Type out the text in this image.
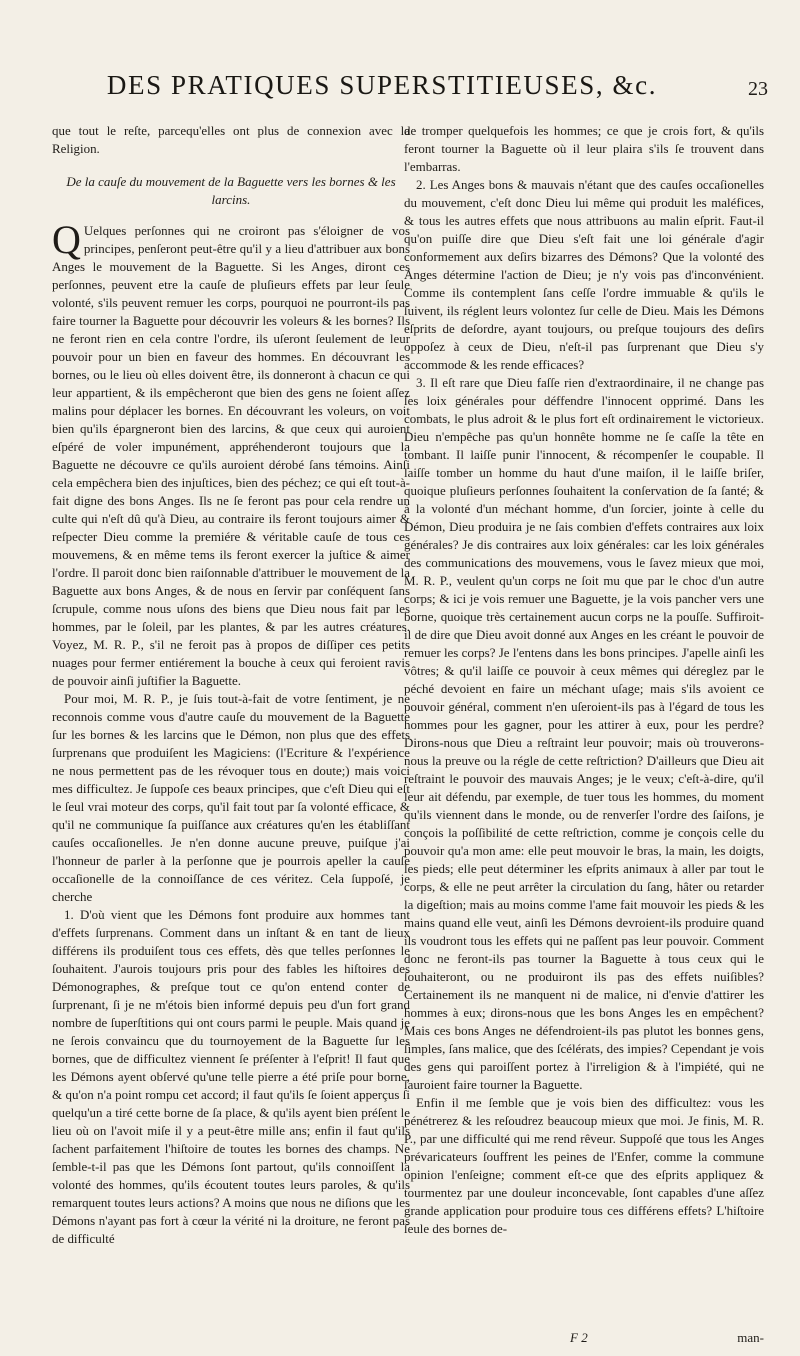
DES PRATIQUES SUPERSTITIEUSES, &c.	23

que tout le reſte, parcequ'elles ont plus de connexion avec la Religion.

De la cauſe du mouvement de la Baguette vers les bornes & les larcins.

QUelques perſonnes qui ne croiront pas s'éloigner de vos principes, penſeront peut-être qu'il y a lieu d'attribuer aux bons Anges le mouvement de la Baguette. Si les Anges, diront ces perſonnes, peuvent etre la cauſe de pluſieurs effets par leur ſeule volonté, s'ils peuvent remuer les corps, pourquoi ne pourront-ils pas faire tourner la Baguette pour découvrir les voleurs & les bornes? Ils ne feront rien en cela contre l'ordre, ils uſeront ſeulement de leur pouvoir pour un bien en faveur des hommes. En découvrant les bornes, ou le lieu où elles doivent être, ils donneront à chacun ce qui leur appartient, & ils empêcheront que bien des gens ne ſoient aſſez malins pour déplacer les bornes. En découvrant les voleurs, on voit bien qu'ils épargneront bien des larcins, & que ceux qui auroient eſpéré de voler impunément, appréhenderont toujours que la Baguette ne découvre ce qu'ils auroient dérobé ſans témoins. Ainſi cela empêchera bien des injuſtices, bien des péchez; ce qui eſt tout-à-fait digne des bons Anges. Ils ne ſe feront pas pour cela rendre un culte qui n'eſt dû qu'à Dieu, au contraire ils feront toujours aimer & reſpecter Dieu comme la premiére & véritable cauſe de tous ces mouvemens, & en même tems ils feront exercer la juſtice & aimer l'ordre. Il paroit donc bien raiſonnable d'attribuer le mouvement de la Baguette aux bons Anges, & de nous en ſervir par conſéquent ſans ſcrupule, comme nous uſons des biens que Dieu nous fait par les hommes, par le ſoleil, par les plantes, & par les autres créatures. Voyez, M. R. P., s'il ne feroit pas à propos de diſſiper ces petits nuages pour fermer entiérement la bouche à ceux qui feroient ravis de pouvoir ainſi juſtifier la Baguette.

Pour moi, M. R. P., je ſuis tout-à-fait de votre ſentiment, je ne reconnois comme vous d'autre cauſe du mouvement de la Baguette ſur les bornes & les larcins que le Démon, non plus que des effets ſurprenans que produiſent les Magiciens: (l'Ecriture & l'expérience ne nous permettent pas de les révoquer tous en doute;) mais voici mes difficultez. Je ſuppoſe ces beaux principes, que c'eſt Dieu qui eſt le ſeul vrai moteur des corps, qu'il fait tout par ſa volonté efficace, & qu'il ne communique ſa puiſſance aux créatures qu'en les établiſſant cauſes occaſionelles. Je n'en donne aucune preuve, puiſque j'ai l'honneur de parler à la perſonne que je pourrois apeller la cauſe occaſionelle de la connoiſſance de ces véritez. Cela ſuppoſé, je cherche

1. D'où vient que les Démons font produire aux hommes tant d'effets ſurprenans. Comment dans un inſtant & en tant de lieux différens ils produiſent tous ces effets, dès que telles perſonnes le ſouhaitent. J'aurois toujours pris pour des fables les hiſtoires des Démonographes, & preſque tout ce qu'on entend conter de ſurprenant, ſi je ne m'étois bien informé depuis peu d'un fort grand nombre de ſuperſtitions qui ont cours parmi le peuple. Mais quand je ne ſerois convaincu que du tournoyement de la Baguette ſur les bornes, que de difficultez viennent ſe préſenter à l'eſprit! Il faut que les Démons ayent obſervé qu'une telle pierre a été priſe pour borne, & qu'on n'a point rompu cet accord; il faut qu'ils ſe ſoient apperçus ſi quelqu'un a tiré cette borne de ſa place, & qu'ils ayent bien préſent le lieu où on l'avoit miſe il y a peut-être mille ans; enfin il faut qu'ils ſachent parfaitement l'hiſtoire de toutes les bornes des champs. Ne ſemble-t-il pas que les Démons ſont partout, qu'ils connoiſſent la volonté des hommes, qu'ils écoutent toutes leurs paroles, & qu'ils remarquent toutes leurs actions? A moins que nous ne diſions que les Démons n'ayant pas fort à cœur la vérité ni la droiture, ne feront pas de difficulté

de tromper quelquefois les hommes; ce que je crois fort, & qu'ils feront tourner la Baguette où il leur plaira s'ils ſe trouvent dans l'embarras.

2. Les Anges bons & mauvais n'étant que des cauſes occaſionelles du mouvement, c'eſt donc Dieu lui même qui produit les maléfices, & tous les autres effets que nous attribuons au malin eſprit. Faut-il qu'on puiſſe dire que Dieu s'eſt fait une loi générale d'agir conformement aux deſirs bizarres des Démons? Que la volonté des Anges détermine l'action de Dieu; je n'y vois pas d'inconvénient. Comme ils contemplent ſans ceſſe l'ordre immuable & qu'ils le ſuivent, ils réglent leurs volontez ſur celle de Dieu. Mais les Démons eſprits de deſordre, ayant toujours, ou preſque toujours des deſirs oppoſez à ceux de Dieu, n'eſt-il pas ſurprenant que Dieu s'y accommode & les rende efficaces?

3. Il eſt rare que Dieu faſſe rien d'extraordinaire, il ne change pas ſes loix générales pour déffendre l'innocent opprimé. Dans les combats, le plus adroit & le plus fort eſt ordinairement le victorieux. Dieu n'empêche pas qu'un honnête homme ne ſe caſſe la tête en tombant. Il laiſſe punir l'innocent, & récompenſer le coupable. Il laiſſe tomber un homme du haut d'une maiſon, il le laiſſe briſer, quoique pluſieurs perſonnes ſouhaitent la conſervation de ſa ſanté; & à la volonté d'un méchant homme, d'un ſorcier, jointe à celle du Démon, Dieu produira je ne ſais combien d'effets contraires aux loix générales? Je dis contraires aux loix générales: car les loix générales des communications des mouvemens, vous le ſavez mieux que moi, M. R. P., veulent qu'un corps ne ſoit mu que par le choc d'un autre corps; & ici je vois remuer une Baguette, je la vois pancher vers une borne, quoique très certainement aucun corps ne la pouſſe. Suffiroit-il de dire que Dieu avoit donné aux Anges en les créant le pouvoir de remuer les corps? Je l'entens dans les bons principes. J'apelle ainſi les vôtres; & qu'il laiſſe ce pouvoir à ceux mêmes qui déreglez par le péché devoient en faire un méchant uſage; mais s'ils avoient ce pouvoir général, comment n'en uſeroient-ils pas à l'égard de tous les hommes pour les gagner, pour les attirer à eux, pour les perdre? Dirons-nous que Dieu a reſtraint leur pouvoir; mais où trouverons-nous la preuve ou la régle de cette reſtriction? D'ailleurs que Dieu ait reſtraint le pouvoir des mauvais Anges; je le veux; c'eſt-à-dire, qu'il leur ait défendu, par exemple, de tuer tous les hommes, du moment qu'ils viennent dans le monde, ou de renverſer l'ordre des ſaiſons, je conçois la poſſibilité de cette reſtriction, comme je conçois celle du pouvoir qu'a mon ame: elle peut mouvoir le bras, la main, les doigts, les pieds; elle peut déterminer les eſprits animaux à aller par tout le corps, & elle ne peut arrêter la circulation du ſang, hâter ou retarder la digeſtion; mais au moins comme l'ame fait mouvoir les pieds & les mains quand elle veut, ainſi les Démons devroient-ils produire quand ils voudront tous les effets qui ne paſſent pas leur pouvoir. Comment donc ne feront-ils pas tourner la Baguette à tous ceux qui le ſouhaiteront, ou ne produiront ils pas des effets nuiſibles? Certainement ils ne manquent ni de malice, ni d'envie d'attirer les hommes à eux; dirons-nous que les bons Anges les en empêchent? Mais ces bons Anges ne défendroient-ils pas plutot les bonnes gens, ſimples, ſans malice, que des ſcélérats, des impies? Cependant je vois des gens qui paroiſſent portez à l'irreligion & à l'impiété, qui ne ſauroient faire tourner la Baguette.

Enfin il me ſemble que je vois bien des difficultez: vous les pénétrerez & les reſoudrez beaucoup mieux que moi. Je finis, M. R. P., par une difficulté qui me rend rêveur. Suppoſé que tous les Anges prévaricateurs ſouffrent les peines de l'Enfer, comme la commune opinion l'enſeigne; comment eſt-ce que des eſprits appliquez & tourmentez par une douleur inconcevable, ſont capables d'une aſſez grande application pour produire tous ces différens effets? L'hiſtoire ſeule des bornes de-

F 2	man-
